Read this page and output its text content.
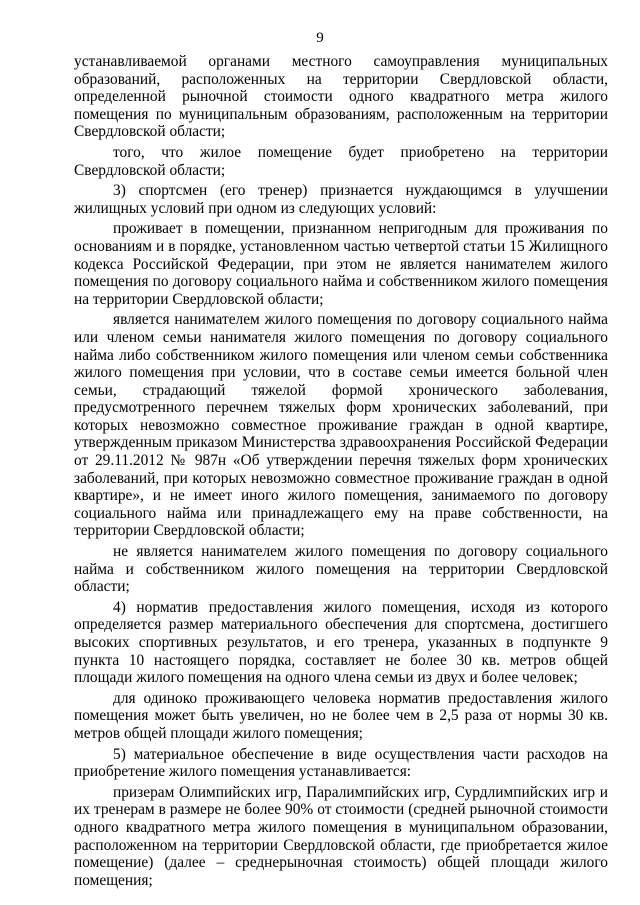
9

устанавливаемой органами местного самоуправления муниципальных образований, расположенных на территории Свердловской области, определенной рыночной стоимости одного квадратного метра жилого помещения по муниципальным образованиям, расположенным на территории Свердловской области;

того, что жилое помещение будет приобретено на территории Свердловской области;

3) спортсмен (его тренер) признается нуждающимся в улучшении жилищных условий при одном из следующих условий:

проживает в помещении, признанном непригодным для проживания по основаниям и в порядке, установленном частью четвертой статьи 15 Жилищного кодекса Российской Федерации, при этом не является нанимателем жилого помещения по договору социального найма и собственником жилого помещения на территории Свердловской области;

является нанимателем жилого помещения по договору социального найма или членом семьи нанимателя жилого помещения по договору социального найма либо собственником жилого помещения или членом семьи собственника жилого помещения при условии, что в составе семьи имеется больной член семьи, страдающий тяжелой формой хронического заболевания, предусмотренного перечнем тяжелых форм хронических заболеваний, при которых невозможно совместное проживание граждан в одной квартире, утвержденным приказом Министерства здравоохранения Российской Федерации от 29.11.2012 № 987н «Об утверждении перечня тяжелых форм хронических заболеваний, при которых невозможно совместное проживание граждан в одной квартире», и не имеет иного жилого помещения, занимаемого по договору социального найма или принадлежащего ему на праве собственности, на территории Свердловской области;

не является нанимателем жилого помещения по договору социального найма и собственником жилого помещения на территории Свердловской области;

4) норматив предоставления жилого помещения, исходя из которого определяется размер материального обеспечения для спортсмена, достигшего высоких спортивных результатов, и его тренера, указанных в подпункте 9 пункта 10 настоящего порядка, составляет не более 30 кв. метров общей площади жилого помещения на одного члена семьи из двух и более человек;

для одиноко проживающего человека норматив предоставления жилого помещения может быть увеличен, но не более чем в 2,5 раза от нормы 30 кв. метров общей площади жилого помещения;

5) материальное обеспечение в виде осуществления части расходов на приобретение жилого помещения устанавливается:

призерам Олимпийских игр, Паралимпийских игр, Сурдлимпийских игр и их тренерам в размере не более 90% от стоимости (средней рыночной стоимости одного квадратного метра жилого помещения в муниципальном образовании, расположенном на территории Свердловской области, где приобретается жилое помещение) (далее – среднерыночная стоимость) общей площади жилого помещения;
